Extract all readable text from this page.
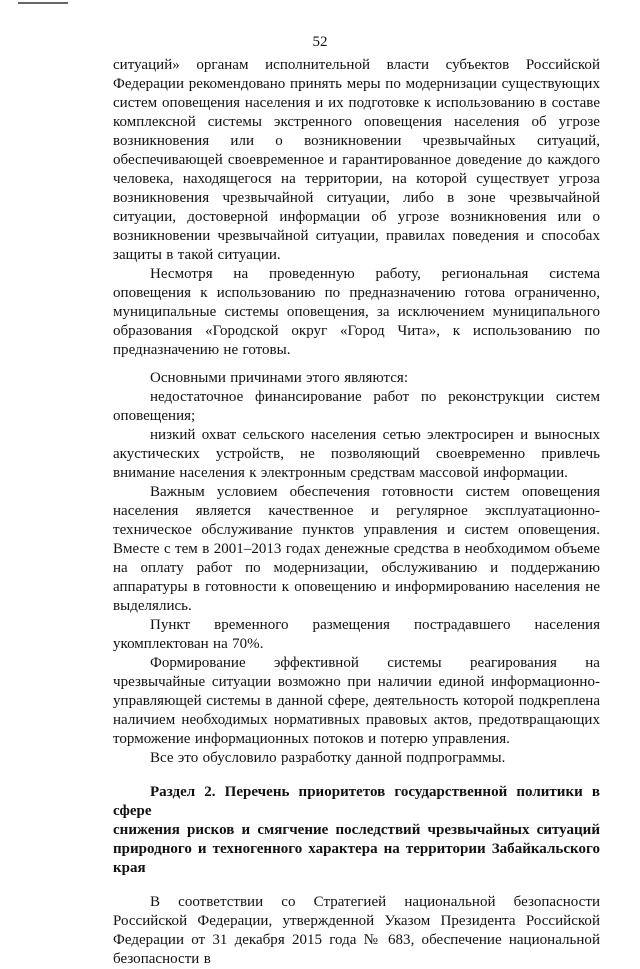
52

ситуаций» органам исполнительной власти субъектов Российской Федерации рекомендовано принять меры по модернизации существующих систем оповещения населения и их подготовке к использованию в составе комплексной системы экстренного оповещения населения об угрозе возникновения или о возникновении чрезвычайных ситуаций, обеспечивающей своевременное и гарантированное доведение до каждого человека, находящегося на территории, на которой существует угроза возникновения чрезвычайной ситуации, либо в зоне чрезвычайной ситуации, достоверной информации об угрозе возникновения или о возникновении чрезвычайной ситуации, правилах поведения и способах защиты в такой ситуации.

Несмотря на проведенную работу, региональная система оповещения к использованию по предназначению готова ограниченно, муниципальные системы оповещения, за исключением муниципального образования «Городской округ «Город Чита», к использованию по предназначению не готовы.

Основными причинами этого являются:

недостаточное финансирование работ по реконструкции систем оповещения;

низкий охват сельского населения сетью электросирен и выносных акустических устройств, не позволяющий своевременно привлечь внимание населения к электронным средствам массовой информации.

Важным условием обеспечения готовности систем оповещения населения является качественное и регулярное эксплуатационно-техническое обслуживание пунктов управления и систем оповещения. Вместе с тем в 2001–2013 годах денежные средства в необходимом объеме на оплату работ по модернизации, обслуживанию и поддержанию аппаратуры в готовности к оповещению и информированию населения не выделялись.

Пункт временного размещения пострадавшего населения укомплектован на 70%.

Формирование эффективной системы реагирования на чрезвычайные ситуации возможно при наличии единой информационно-управляющей системы в данной сфере, деятельность которой подкреплена наличием необходимых нормативных правовых актов, предотвращающих торможение информационных потоков и потерю управления.

Все это обусловило разработку данной подпрограммы.

Раздел 2. Перечень приоритетов государственной политики в сфере
снижения рисков и смягчение последствий чрезвычайных ситуаций
природного и техногенного характера на территории Забайкальского
края

В соответствии со Стратегией национальной безопасности Российской Федерации, утвержденной Указом Президента Российской Федерации от 31 декабря 2015 года № 683, обеспечение национальной безопасности в
